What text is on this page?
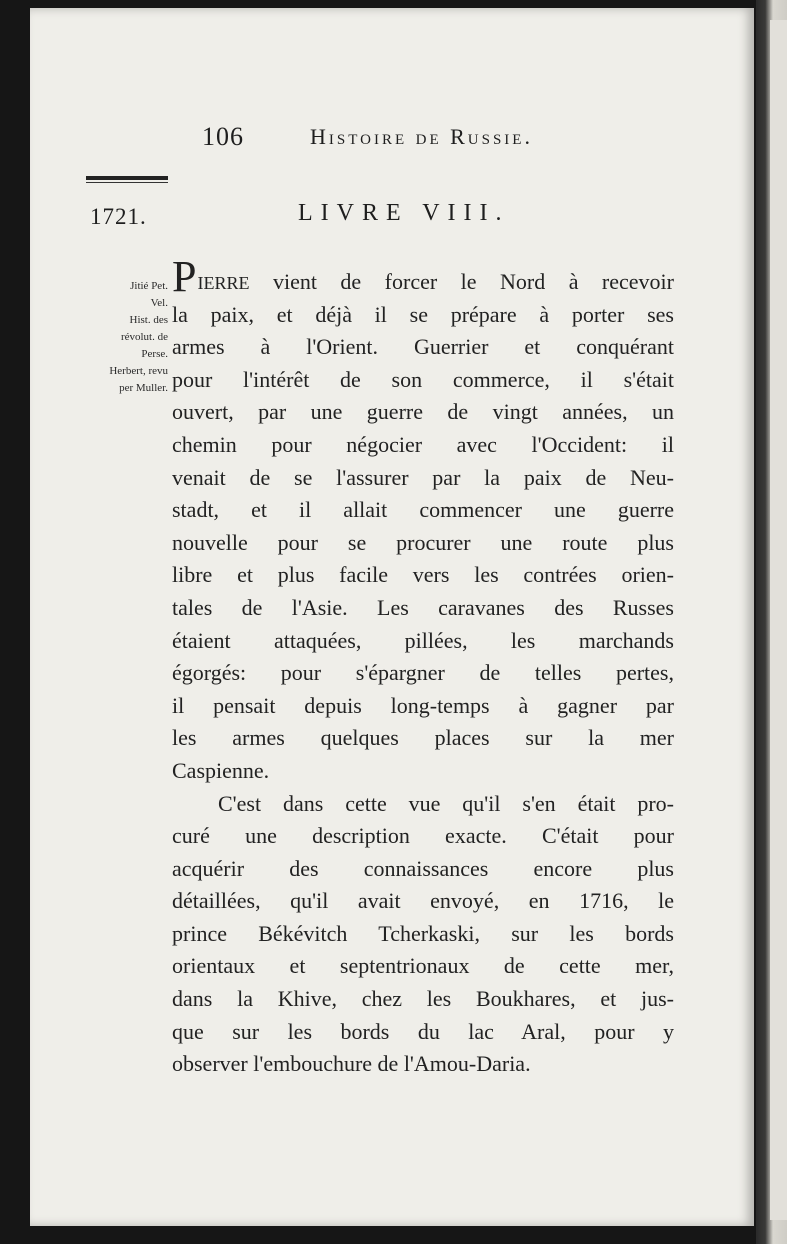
106	Histoire de Russie.
1721.	LIVRE VIII.
Jitié Pet.
Vel.
Hist. des
révolut. de
Perse.
Herbert, revu
per Muller.
PIERRE vient de forcer le Nord à recevoir
la paix, et déjà il se prépare à porter ses
armes à l'Orient. Guerrier et conquérant
pour l'intérêt de son commerce, il s'était
ouvert, par une guerre de vingt années, un
chemin pour négocier avec l'Occident: il
venait de se l'assurer par la paix de Neu-
stadt, et il allait commencer une guerre
nouvelle pour se procurer une route plus
libre et plus facile vers les contrées orien-
tales de l'Asie. Les caravanes des Russes
étaient attaquées, pillées, les marchands
égorgés: pour s'épargner de telles pertes,
il pensait depuis long-temps à gagner par
les armes quelques places sur la mer
Caspienne.
C'est dans cette vue qu'il s'en était pro-
curé une description exacte. C'était pour
acquérir des connaissances encore plus
détaillées, qu'il avait envoyé, en 1716, le
prince Békévitch Tcherkaski, sur les bords
orientaux et septentrionaux de cette mer,
dans la Khive, chez les Boukhares, et jus-
que sur les bords du lac Aral, pour y
observer l'embouchure de l'Amou-Daria.
